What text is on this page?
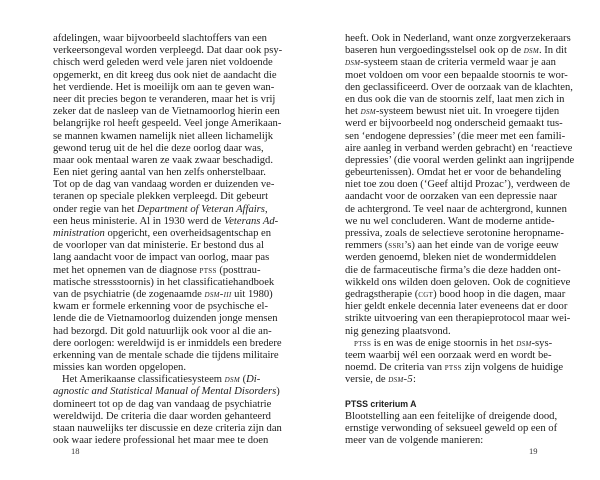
afdelingen, waar bijvoorbeeld slachtoffers van een
verkeersongeval worden verpleegd. Dat daar ook psy-
chisch werd geleden werd vele jaren niet voldoende
opgemerkt, en dit kreeg dus ook niet de aandacht die
het verdiende. Het is moeilijk om aan te geven wan-
neer dit precies begon te veranderen, maar het is vrij
zeker dat de nasleep van de Vietnamoorlog hierin een
belangrijke rol heeft gespeeld. Veel jonge Amerikaan-
se mannen kwamen namelijk niet alleen lichamelijk
gewond terug uit de hel die deze oorlog daar was,
maar ook mentaal waren ze vaak zwaar beschadigd.
Een niet gering aantal van hen zelfs onherstelbaar.
Tot op de dag van vandaag worden er duizenden ve-
teranen op speciale plekken verpleegd. Dit gebeurt
onder regie van het Department of Veteran Affairs,
een heus ministerie. Al in 1930 werd de Veterans Ad-
ministration opgericht, een overheidsagentschap en
de voorloper van dat ministerie. Er bestond dus al
lang aandacht voor de impact van oorlog, maar pas
met het opnemen van de diagnose ptss (posttrau-
matische stressstoornis) in het classificatiehandboek
van de psychiatrie (de zogenaamde dsm-iii uit 1980)
kwam er formele erkenning voor de psychische el-
lende die de Vietnamoorlog duizenden jonge mensen
had bezorgd. Dit gold natuurlijk ook voor al die an-
dere oorlogen: wereldwijd is er inmiddels een bredere
erkenning van de mentale schade die tijdens militaire
missies kan worden opgelopen.
Het Amerikaanse classificatiesysteem dsm (Di-
agnostic and Statistical Manual of Mental Disorders)
domineert tot op de dag van vandaag de psychiatrie
wereldwijd. De criteria die daar worden gehanteerd
staan nauwelijks ter discussie en deze criteria zijn dan
ook waar iedere professional het maar mee te doen
18
heeft. Ook in Nederland, want onze zorgverzekeraars
baseren hun vergoedingsstelsel ook op de dsm. In dit
dsm-systeem staan de criteria vermeld waar je aan
moet voldoen om voor een bepaalde stoornis te wor-
den geclassificeerd. Over de oorzaak van de klachten,
en dus ook die van de stoornis zelf, laat men zich in
het dsm-systeem bewust niet uit. In vroegere tijden
werd er bijvoorbeeld nog onderscheid gemaakt tus-
sen ‘endogene depressies’ (die meer met een famili-
aire aanleg in verband werden gebracht) en ‘reactieve
depressies’ (die vooral werden gelinkt aan ingrijpende
gebeurtenissen). Omdat het er voor de behandeling
niet toe zou doen (‘Geef altijd Prozac’), verdween de
aandacht voor de oorzaken van een depressie naar
de achtergrond. Te veel naar de achtergrond, kunnen
we nu wel concluderen. Want de moderne antide-
pressiva, zoals de selectieve serotonine heropname-
remmers (ssri’s) aan het einde van de vorige eeuw
werden genoemd, bleken niet de wondermiddelen
die de farmaceutische firma’s die deze hadden ont-
wikkeld ons wilden doen geloven. Ook de cognitieve
gedragstherapie (cgt) bood hoop in die dagen, maar
hier geldt enkele decennia later eveneens dat er door
strikte uitvoering van een therapieprotocol maar wei-
nig genezing plaatsvond.
ptss is en was de enige stoornis in het dsm-sys-
teem waarbij wél een oorzaak werd en wordt be-
noemd. De criteria van ptss zijn volgens de huidige
versie, de dsm-5:
PTSS criterium A
Blootstelling aan een feitelijke of dreigende dood,
ernstige verwonding of seksueel geweld op een of
meer van de volgende manieren:
19
